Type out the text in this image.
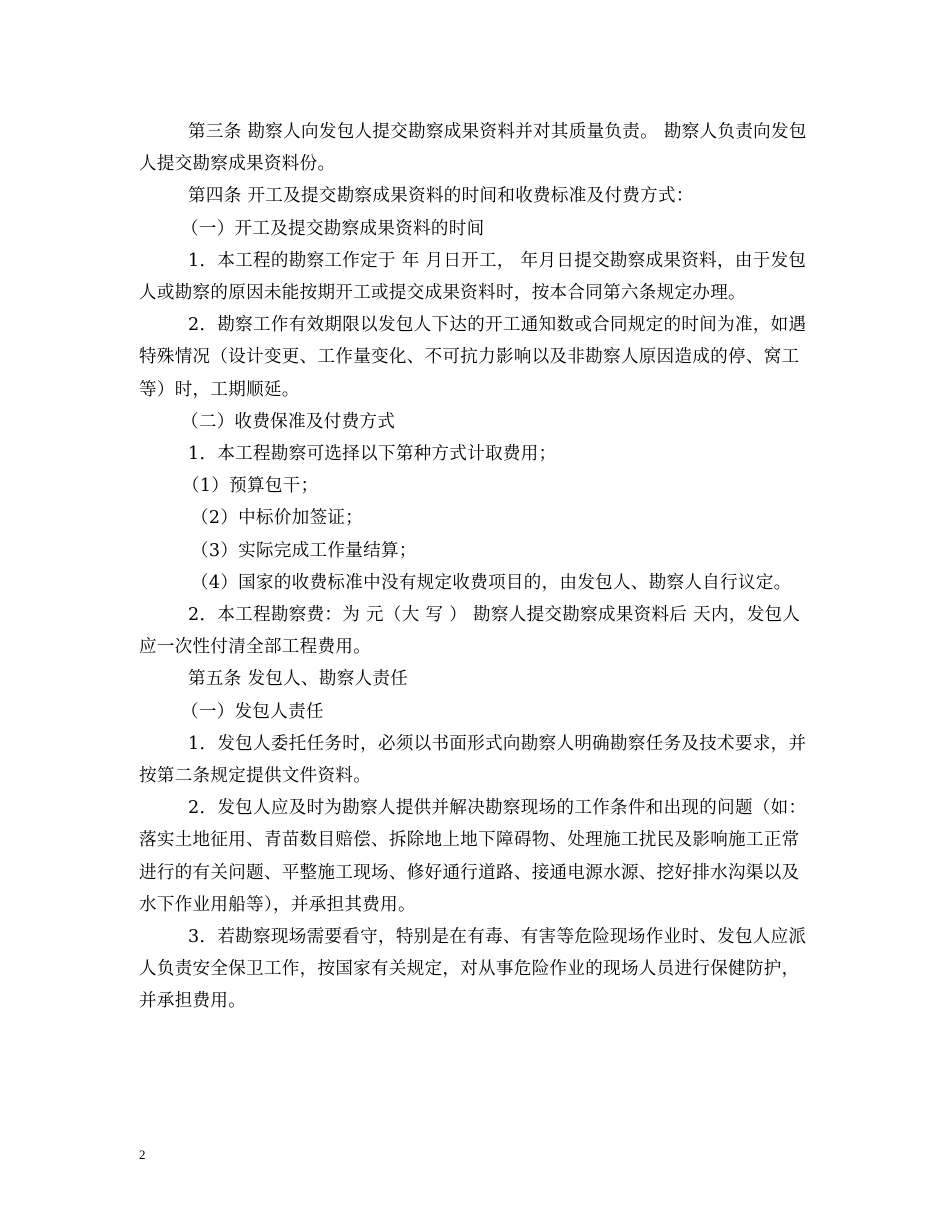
第三条 勘察人向发包人提交勘察成果资料并对其质量负责。 勘察人负责向发包人提交勘察成果资料份。

第四条 开工及提交勘察成果资料的时间和收费标准及付费方式：

（一）开工及提交勘察成果资料的时间

1．本工程的勘察工作定于 年 月日开工， 年月日提交勘察成果资料，由于发包人或勘察的原因未能按期开工或提交成果资料时，按本合同第六条规定办理。

2．勘察工作有效期限以发包人下达的开工通知数或合同规定的时间为准，如遇特殊情况（设计变更、工作量变化、不可抗力影响以及非勘察人原因造成的停、窝工等）时，工期顺延。

（二）收费保准及付费方式

1．本工程勘察可选择以下第种方式计取费用；

（1）预算包干；

（2）中标价加签证；

（3）实际完成工作量结算；

（4）国家的收费标准中没有规定收费项目的，由发包人、勘察人自行议定。

2．本工程勘察费：为 元（大 写 ） 勘察人提交勘察成果资料后 天内，发包人应一次性付清全部工程费用。

第五条 发包人、勘察人责任

（一）发包人责任

1．发包人委托任务时，必须以书面形式向勘察人明确勘察任务及技术要求，并按第二条规定提供文件资料。

2．发包人应及时为勘察人提供并解决勘察现场的工作条件和出现的问题（如：落实土地征用、青苗数目赔偿、拆除地上地下障碍物、处理施工扰民及影响施工正常进行的有关问题、平整施工现场、修好通行道路、接通电源水源、挖好排水沟渠以及水下作业用船等），并承担其费用。

3．若勘察现场需要看守，特别是在有毒、有害等危险现场作业时、发包人应派人负责安全保卫工作，按国家有关规定，对从事危险作业的现场人员进行保健防护，并承担费用。

2
